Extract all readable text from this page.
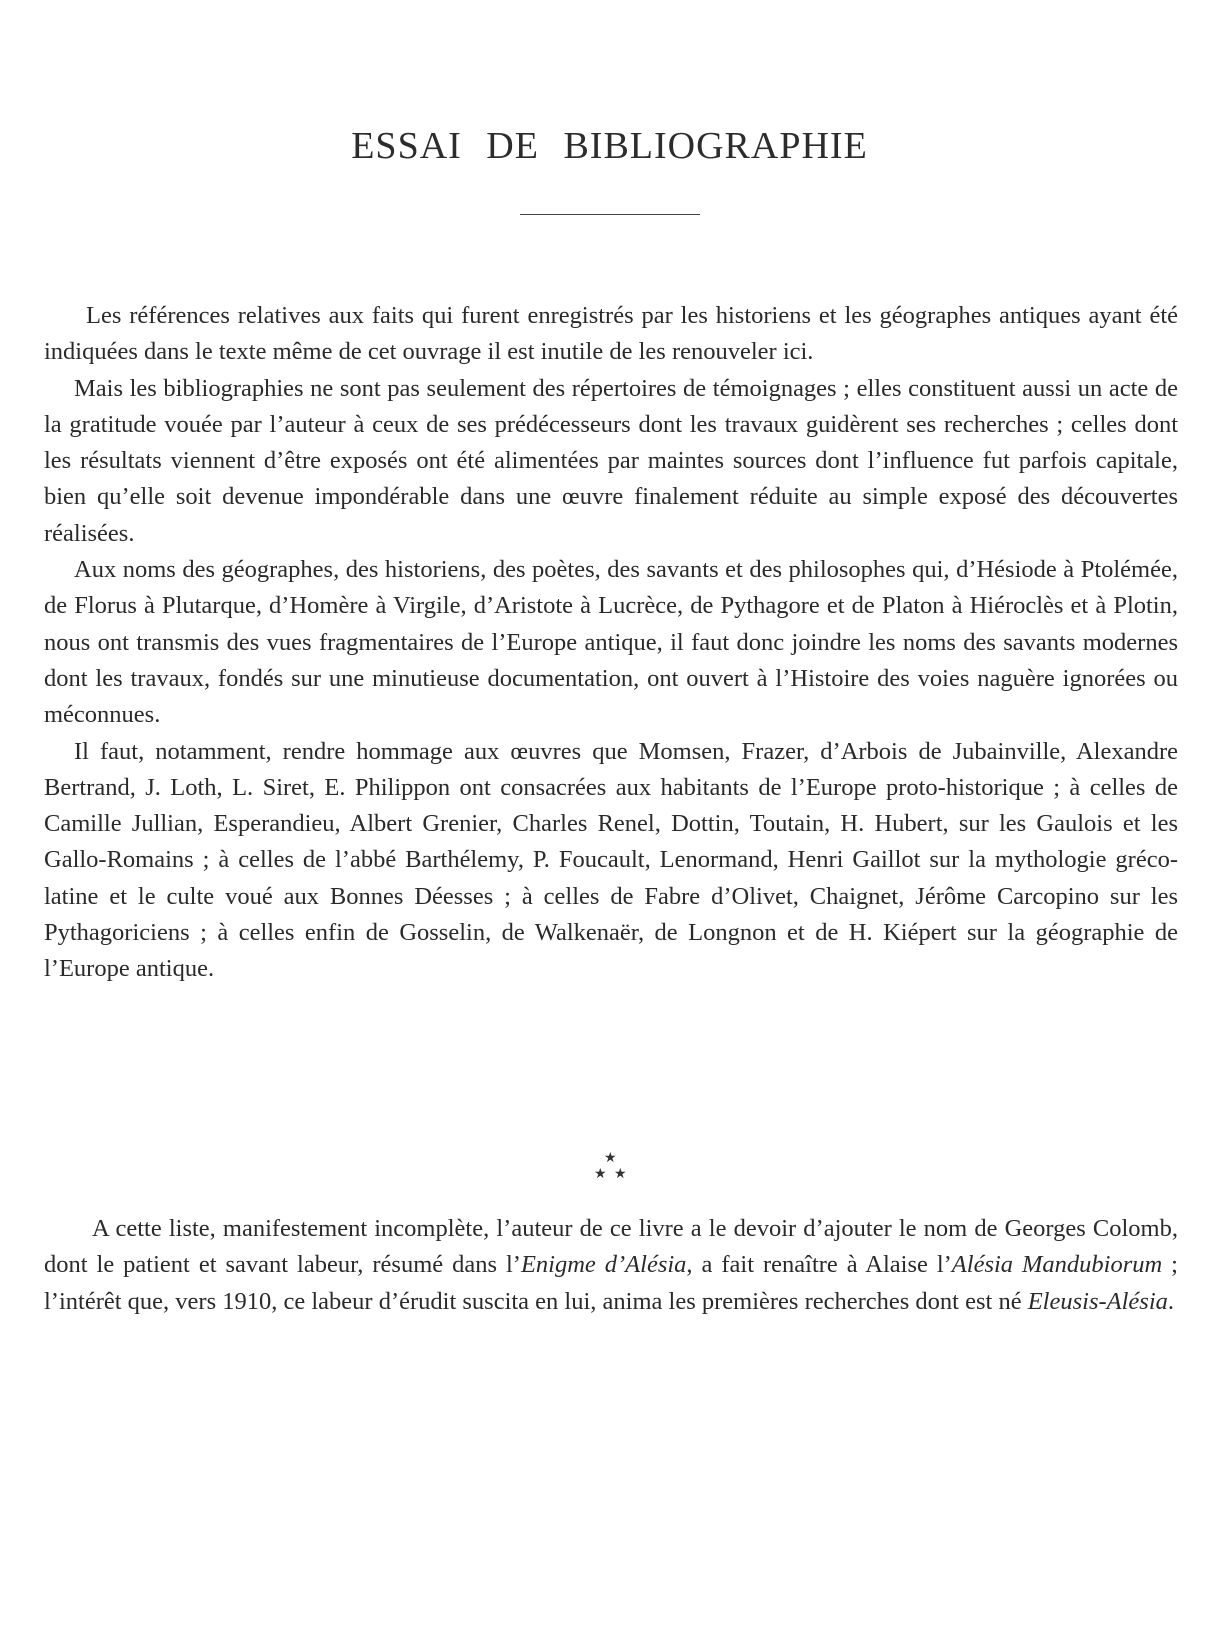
ESSAI DE BIBLIOGRAPHIE

Les références relatives aux faits qui furent enregistrés par les historiens et les géographes antiques ayant été indiquées dans le texte même de cet ouvrage il est inutile de les renouveler ici.

Mais les bibliographies ne sont pas seulement des répertoires de témoignages ; elles constituent aussi un acte de la gratitude vouée par l’auteur à ceux de ses prédécesseurs dont les travaux guidèrent ses recherches ; celles dont les résultats viennent d’être exposés ont été alimentées par maintes sources dont l’influence fut parfois capitale, bien qu’elle soit devenue impondérable dans une œuvre finalement réduite au simple exposé des découvertes réalisées.

Aux noms des géographes, des historiens, des poètes, des savants et des philosophes qui, d’Hésiode à Ptolémée, de Florus à Plutarque, d’Homère à Virgile, d’Aristote à Lucrèce, de Pythagore et de Platon à Hiéroclès et à Plotin, nous ont transmis des vues fragmentaires de l’Europe antique, il faut donc joindre les noms des savants modernes dont les travaux, fondés sur une minutieuse documentation, ont ouvert à l’Histoire des voies naguère ignorées ou méconnues.

Il faut, notamment, rendre hommage aux œuvres que Momsen, Frazer, d’Arbois de Jubainville, Alexandre Bertrand, J. Loth, L. Siret, E. Philippon ont consacrées aux habitants de l’Europe proto-historique ; à celles de Camille Jullian, Esperandieu, Albert Grenier, Charles Renel, Dottin, Toutain, H. Hubert, sur les Gaulois et les Gallo-Romains ; à celles de l’abbé Barthélemy, P. Foucault, Lenormand, Henri Gaillot sur la mythologie gréco-latine et le culte voué aux Bonnes Déesses ; à celles de Fabre d’Olivet, Chaignet, Jérôme Carcopino sur les Pythagoriciens ; à celles enfin de Gosselin, de Walkenaër, de Longnon et de H. Kiépert sur la géographie de l’Europe antique.

★
★ ★

A cette liste, manifestement incomplète, l’auteur de ce livre a le devoir d’ajouter le nom de Georges Colomb, dont le patient et savant labeur, résumé dans l’Enigme d’Alésia, a fait renaître à Alaise l’Alésia Mandubiorum ; l’intérêt que, vers 1910, ce labeur d’érudit suscita en lui, anima les premières recherches dont est né Eleusis-Alésia.
